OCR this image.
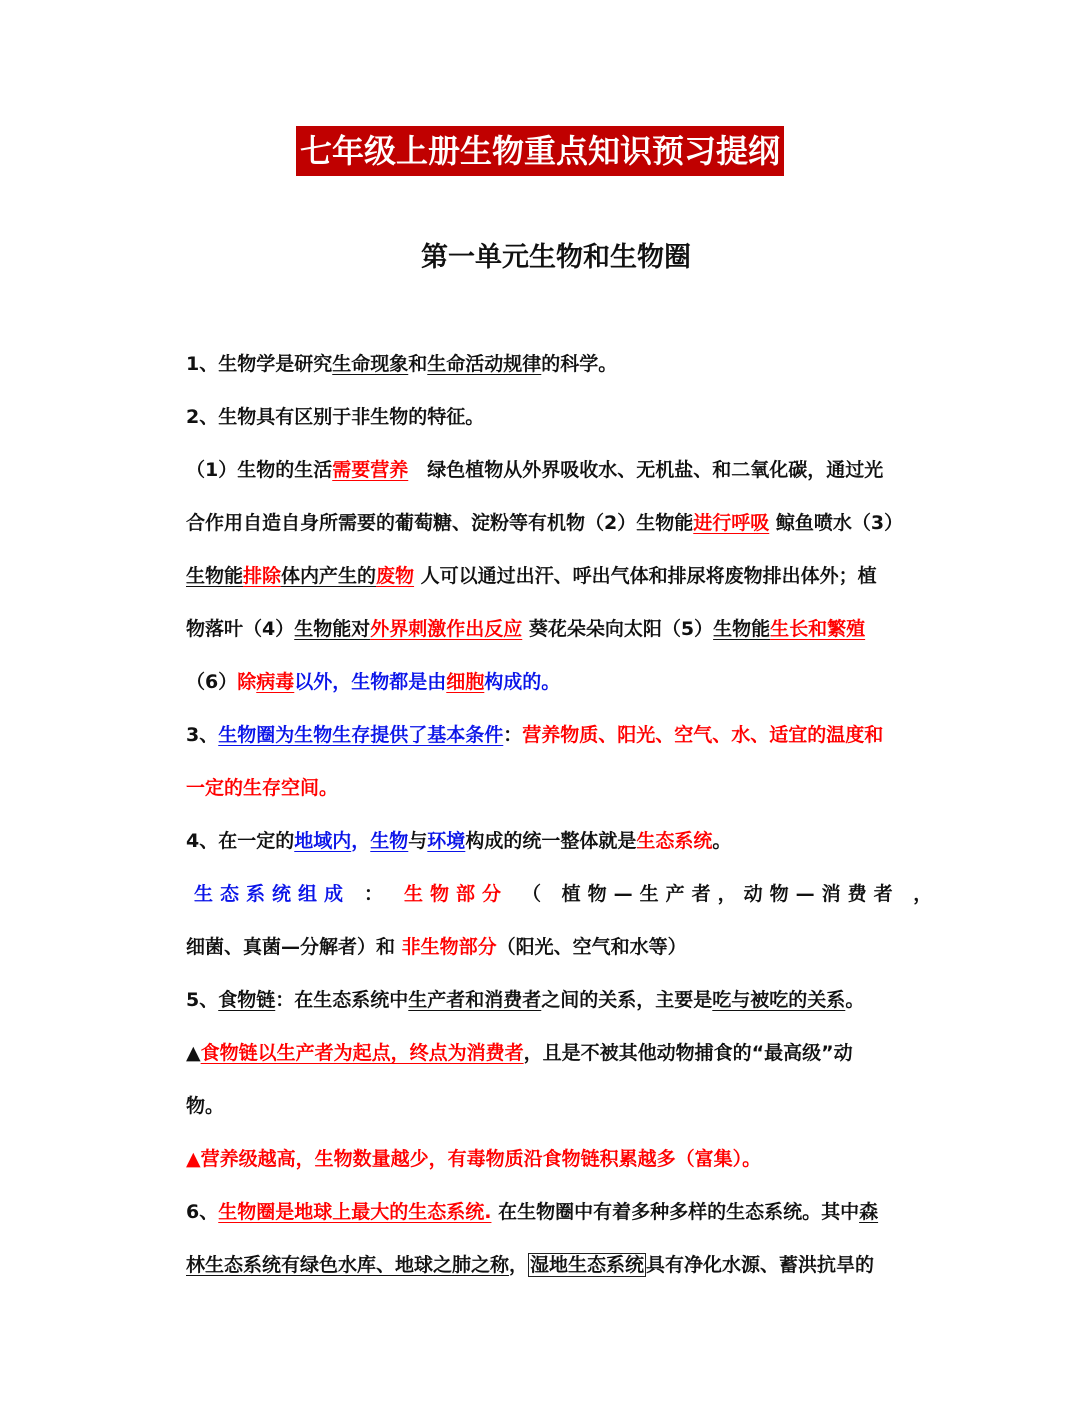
七年级上册生物重点知识预习提纲
第一单元生物和生物圈
1、生物学是研究生命现象和生命活动规律的科学。
2、生物具有区别于非生物的特征。
（1）生物的生活需要营养　绿色植物从外界吸收水、无机盐、和二氧化碳，通过光
合作用自造自身所需要的葡萄糖、淀粉等有机物（2）生物能进行呼吸 鲸鱼喷水（3）
生物能排除体内产生的废物 人可以通过出汗、呼出气体和排尿将废物排出体外；植
物落叶（4）生物能对外界刺激作出反应 葵花朵朵向太阳（5）生物能生长和繁殖
（6）除病毒以外，生物都是由细胞构成的。
3、生物圈为生物生存提供了基本条件：营养物质、阳光、空气、水、适宜的温度和
一定的生存空间。
4、在一定的地域内，生物与环境构成的统一整体就是生态系统。
生态系统组成 ： 生物部分 （ 植物—生产者，动物—消费者 ，
细菌、真菌—分解者）和 非生物部分（阳光、空气和水等）
5、食物链：在生态系统中生产者和消费者之间的关系，主要是吃与被吃的关系。
▲食物链以生产者为起点，终点为消费者，且是不被其他动物捕食的“最高级”动
物。
▲营养级越高，生物数量越少，有毒物质沿食物链积累越多（富集）。
6、生物圈是地球上最大的生态系统. 在生物圈中有着多种多样的生态系统。其中森
林生态系统有绿色水库、地球之肺之称， 湿地生态系统 具有净化水源、蓄洪抗旱的
